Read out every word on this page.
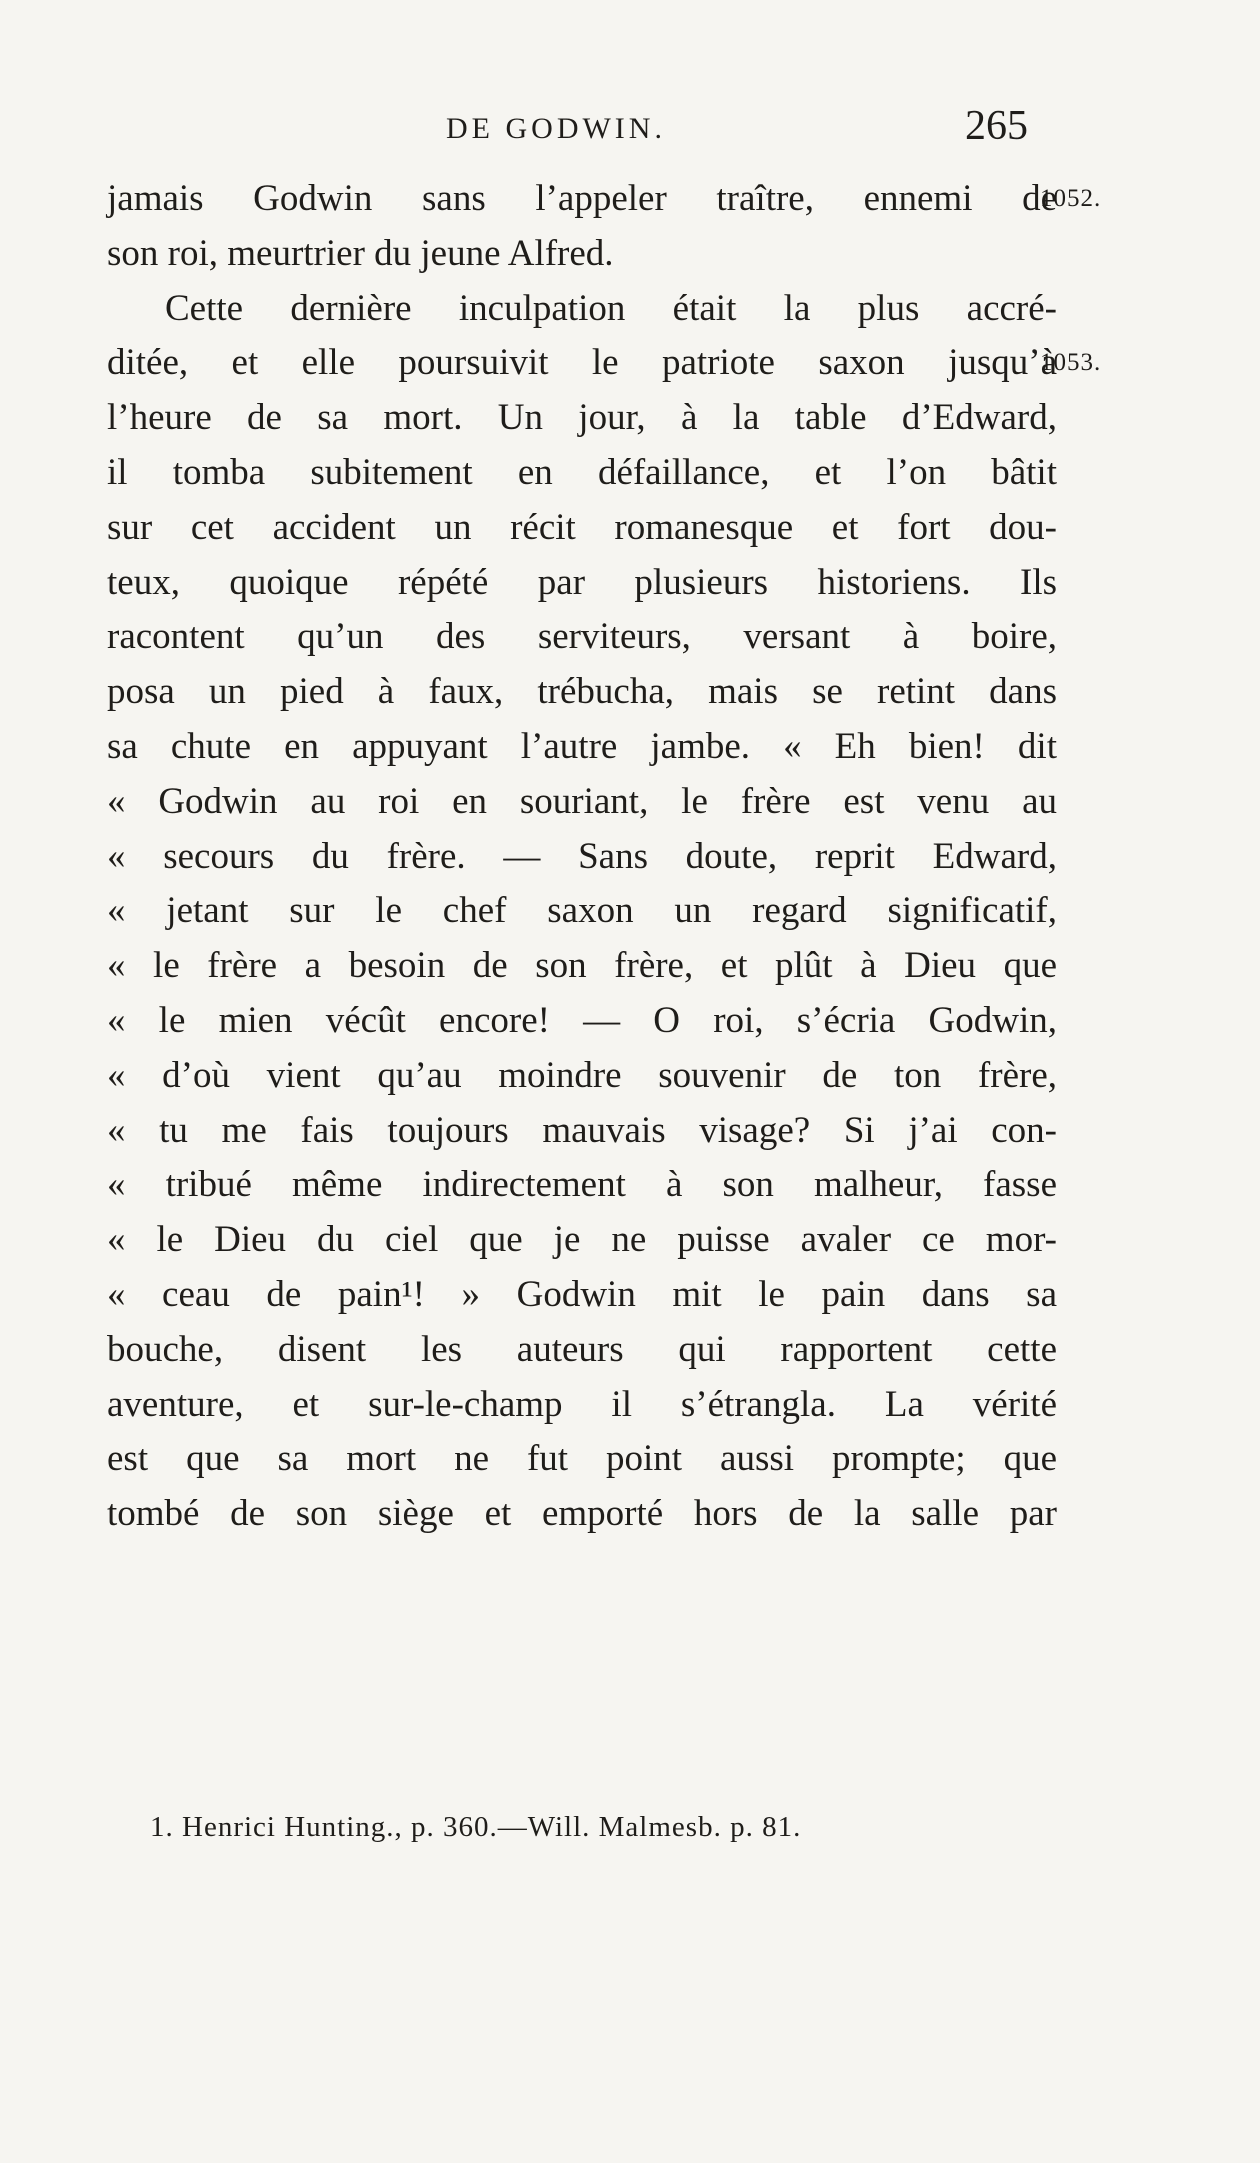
DE GODWIN.	265
jamais Godwin sans l’appeler traître, ennemi de
son roi, meurtrier du jeune Alfred.
Cette dernière inculpation était la plus accré-
ditée, et elle poursuivit le patriote saxon jusqu’à
l’heure de sa mort. Un jour, à la table d’Edward,
il tomba subitement en défaillance, et l’on bâtit
sur cet accident un récit romanesque et fort dou-
teux, quoique répété par plusieurs historiens. Ils
racontent qu’un des serviteurs, versant à boire,
posa un pied à faux, trébucha, mais se retint dans
sa chute en appuyant l’autre jambe. « Eh bien! dit
« Godwin au roi en souriant, le frère est venu au
« secours du frère. — Sans doute, reprit Edward,
« jetant sur le chef saxon un regard significatif,
« le frère a besoin de son frère, et plût à Dieu que
« le mien vécût encore! — O roi, s’écria Godwin,
« d’où vient qu’au moindre souvenir de ton frère,
« tu me fais toujours mauvais visage? Si j’ai con-
« tribué même indirectement à son malheur, fasse
« le Dieu du ciel que je ne puisse avaler ce mor-
« ceau de pain¹! » Godwin mit le pain dans sa
bouche, disent les auteurs qui rapportent cette
aventure, et sur-le-champ il s’étrangla. La vérité
est que sa mort ne fut point aussi prompte; que
tombé de son siège et emporté hors de la salle par
1052.
1053.
1. Henrici Hunting., p. 360.—Will. Malmesb. p. 81.
